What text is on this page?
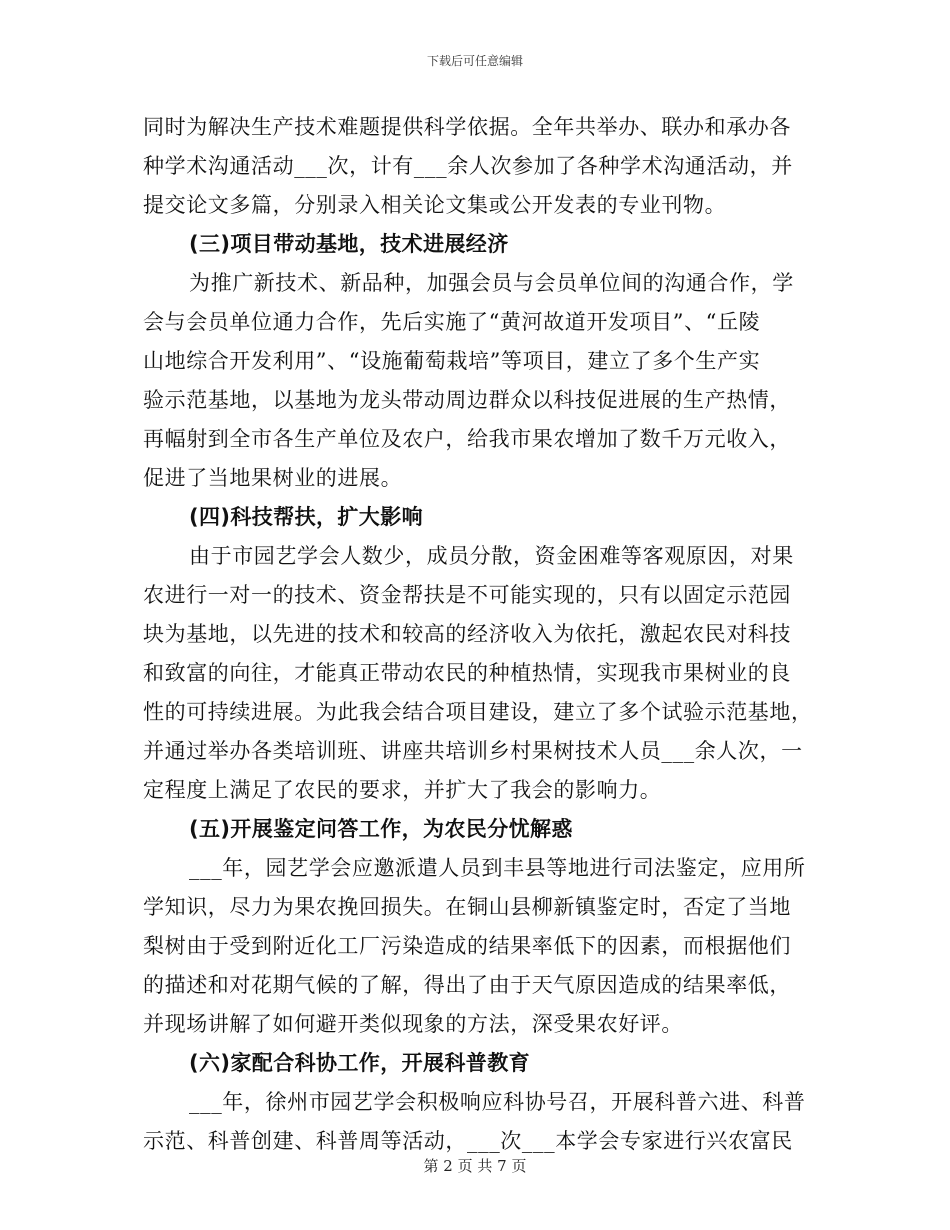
下载后可任意编辑
同时为解决生产技术难题提供科学依据。全年共举办、联办和承办各
种学术沟通活动___次，计有___余人次参加了各种学术沟通活动，并
提交论文多篇，分别录入相关论文集或公开发表的专业刊物。
(三)项目带动基地，技术进展经济
为推广新技术、新品种，加强会员与会员单位间的沟通合作，学
会与会员单位通力合作，先后实施了“黄河故道开发项目”、“丘陵
山地综合开发利用”、“设施葡萄栽培”等项目，建立了多个生产实
验示范基地，以基地为龙头带动周边群众以科技促进展的生产热情，
再幅射到全市各生产单位及农户，给我市果农增加了数千万元收入，
促进了当地果树业的进展。
(四)科技帮扶，扩大影响
由于市园艺学会人数少，成员分散，资金困难等客观原因，对果
农进行一对一的技术、资金帮扶是不可能实现的，只有以固定示范园
块为基地，以先进的技术和较高的经济收入为依托，激起农民对科技
和致富的向往，才能真正带动农民的种植热情，实现我市果树业的良
性的可持续进展。为此我会结合项目建设，建立了多个试验示范基地，
并通过举办各类培训班、讲座共培训乡村果树技术人员___余人次，一
定程度上满足了农民的要求，并扩大了我会的影响力。
(五)开展鉴定问答工作，为农民分忧解惑
___年，园艺学会应邀派遣人员到丰县等地进行司法鉴定，应用所
学知识，尽力为果农挽回损失。在铜山县柳新镇鉴定时，否定了当地
梨树由于受到附近化工厂污染造成的结果率低下的因素，而根据他们
的描述和对花期气候的了解，得出了由于天气原因造成的结果率低，
并现场讲解了如何避开类似现象的方法，深受果农好评。
(六)家配合科协工作，开展科普教育
___年，徐州市园艺学会积极响应科协号召，开展科普六进、科普
示范、科普创建、科普周等活动，___次___本学会专家进行兴农富民
第 2 页 共 7 页
